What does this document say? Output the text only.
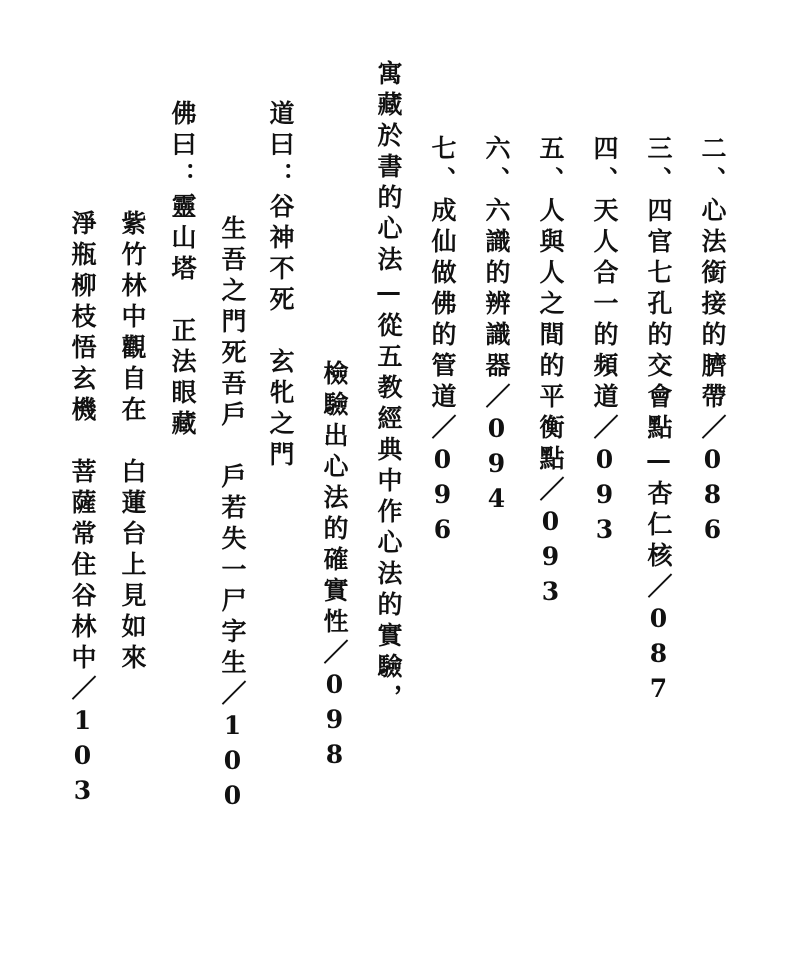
二、心法銜接的臍帶／086
三、四官七孔的交會點—杏仁核／087
四、天人合一的頻道／093
五、人與人之間的平衡點／093
六、六識的辨識器／094
七、成仙做佛的管道／096
寓藏於書的心法—從五教經典中作心法的實驗，
檢驗出心法的確實性／098
道曰：谷神不死　玄牝之門
生吾之門死吾戶　戶若失一尸字生／100
佛曰：靈山塔　正法眼藏
紫竹林中觀自在　白蓮台上見如來
淨瓶柳枝悟玄機　菩薩常住谷林中／103
